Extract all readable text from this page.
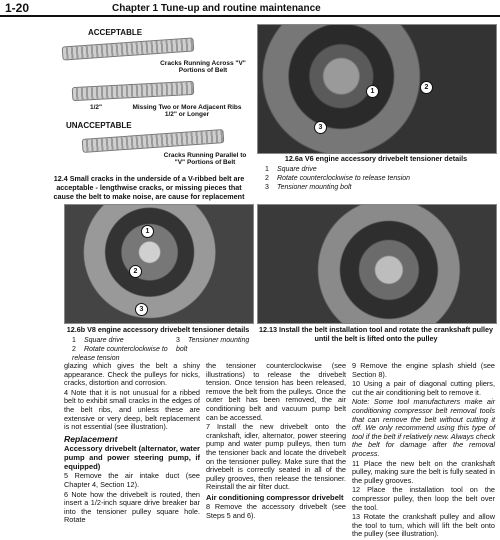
1-20	Chapter 1 Tune-up and routine maintenance
ACCEPTABLE
Cracks Running Across "V" Portions of Belt
1/2"	Missing Two or More Adjacent Ribs 1/2" or Longer
UNACCEPTABLE
Cracks Running Parallel to "V" Portions of Belt
12.4 Small cracks in the underside of a V-ribbed belt are acceptable - lengthwise cracks, or missing pieces that cause the belt to make noise, are cause for replacement
1
2
3
12.6a V6 engine accessory drivebelt tensioner details
1 Square drive
2 Rotate counterclockwise to release tension
3 Tensioner mounting bolt
1
2
3
12.6b V8 engine accessory drivebelt tensioner details
1 Square drive
2 Rotate counterclockwise to release tension
3 Tensioner mounting bolt
12.13 Install the belt installation tool and rotate the crankshaft pulley until the belt is lifted onto the pulley

glazing which gives the belt a shiny appearance. Check the pulleys for nicks, cracks, distortion and corrosion.

4 Note that it is not unusual for a ribbed belt to exhibit small cracks in the edges of the belt ribs, and unless these are extensive or very deep, belt replacement is not essential (see illustration).

Replacement
Accessory drivebelt (alternator, water pump and power steering pump, if equipped)

5 Remove the air intake duct (see Chapter 4, Section 12).

6 Note how the drivebelt is routed, then insert a 1/2-inch square drive breaker bar into the tensioner pulley square hole. Rotate

the tensioner counterclockwise (see illustrations) to release the drivebelt tension. Once tension has been released, remove the belt from the pulleys. Once the outer belt has been removed, the air conditioning belt and vacuum pump belt can be accessed.

7 Install the new drivebelt onto the crankshaft, idler, alternator, power steering pump and water pump pulleys, then turn the tensioner back and locate the drivebelt on the tensioner pulley. Make sure that the drivebelt is correctly seated in all of the pulley grooves, then release the tensioner. Reinstall the air filter duct.

Air conditioning compressor drivebelt

8 Remove the accessory drivebelt (see Steps 5 and 6).

9 Remove the engine splash shield (see Section 8).

10 Using a pair of diagonal cutting pliers, cut the air conditioning belt to remove it.

Note: Some tool manufacturers make air conditioning compressor belt removal tools that can remove the belt without cutting it off. We only recommend using this type of tool if the belt if relatively new. Always check the belt for damage after the removal process.

11 Place the new belt on the crankshaft pulley, making sure the belt is fully seated in the pulley grooves.

12 Place the installation tool on the compressor pulley, then loop the belt over the tool.

13 Rotate the crankshaft pulley and allow the tool to turn, which will lift the belt onto the pulley (see illustration).
